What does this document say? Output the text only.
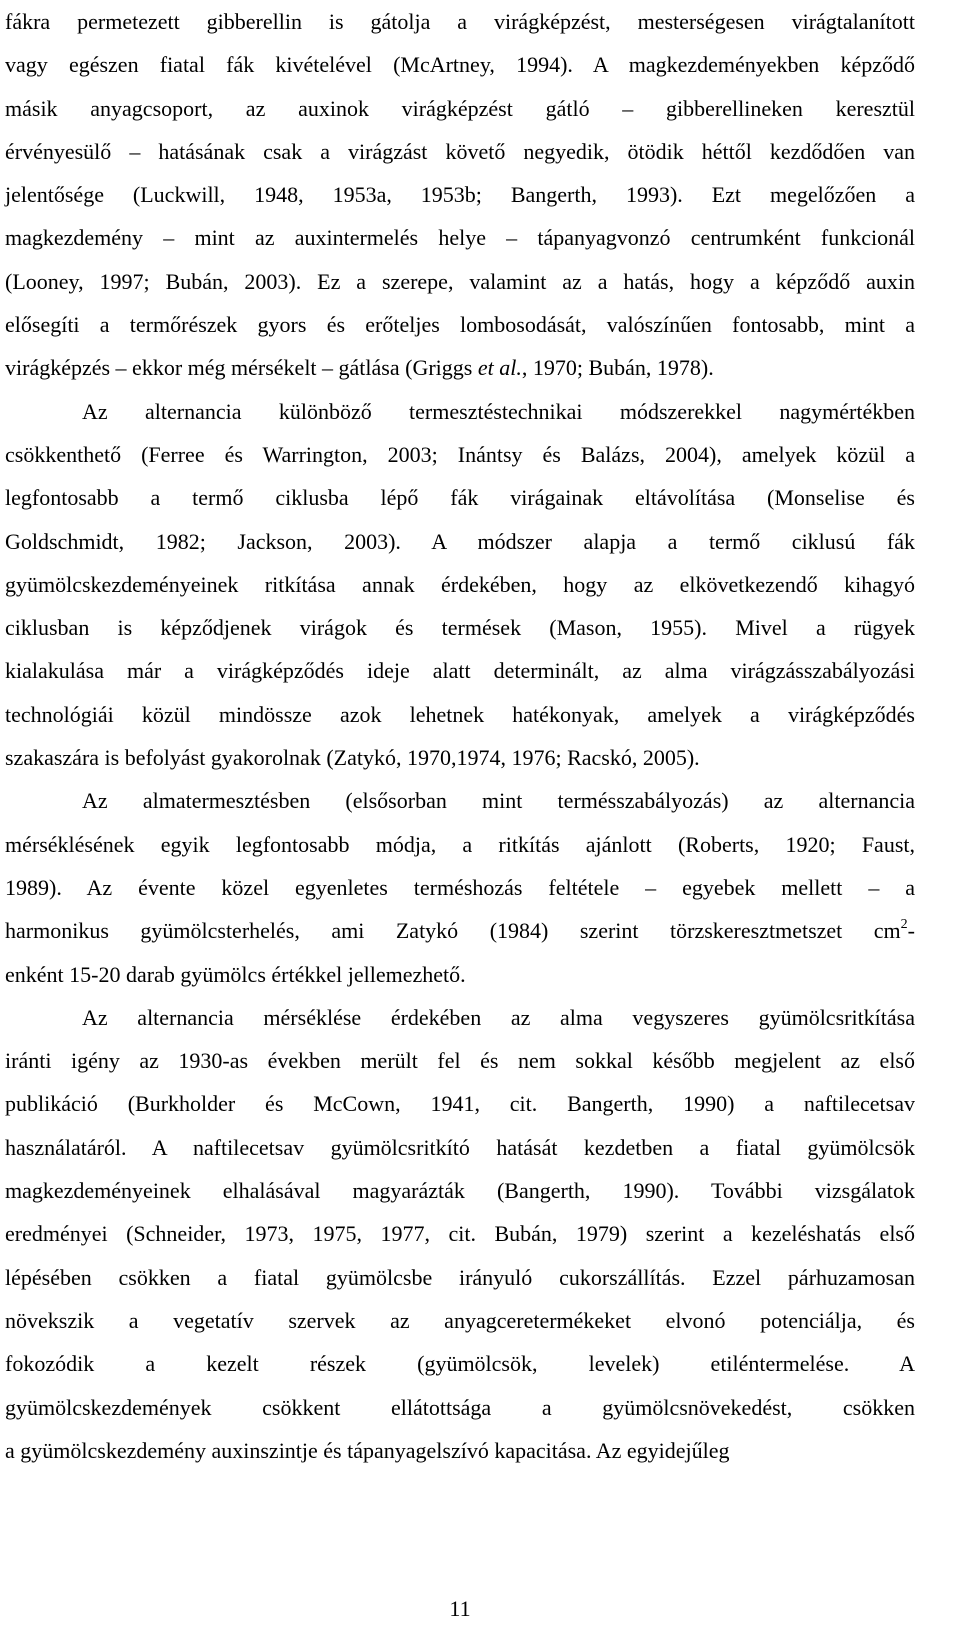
fákra permetezett gibberellin is gátolja a virágképzést, mesterségesen virágtalanított
vagy egészen fiatal fák kivételével (McArtney, 1994). A magkezdeményekben képződő
másik anyagcsoport, az auxinok virágképzést gátló – gibberellineken keresztül
érvényesülő – hatásának csak a virágzást követő negyedik, ötödik héttől kezdődően van
jelentősége (Luckwill, 1948, 1953a, 1953b; Bangerth, 1993). Ezt megelőzően a
magkezdemény – mint az auxintermelés helye – tápanyagvonzó centrumként funkcionál
(Looney, 1997; Bubán, 2003). Ez a szerepe, valamint az a hatás, hogy a képződő auxin
elősegíti a termőrészek gyors és erőteljes lombosodását, valószínűen fontosabb, mint a
virágképzés – ekkor még mérsékelt – gátlása (Griggs et al., 1970; Bubán, 1978).
Az alternancia különböző termesztéstechnikai módszerekkel nagymértékben
csökkenthető (Ferree és Warrington, 2003; Inántsy és Balázs, 2004), amelyek közül a
legfontosabb a termő ciklusba lépő fák virágainak eltávolítása (Monselise és
Goldschmidt, 1982; Jackson, 2003). A módszer alapja a termő ciklusú fák
gyümölcskezdeményeinek ritkítása annak érdekében, hogy az elkövetkezendő kihagyó
ciklusban is képződjenek virágok és termések (Mason, 1955). Mivel a rügyek
kialakulása már a virágképződés ideje alatt determinált, az alma virágzásszabályozási
technológiái közül mindössze azok lehetnek hatékonyak, amelyek a virágképződés
szakaszára is befolyást gyakorolnak (Zatykó, 1970,1974, 1976; Racskó, 2005).
Az almatermesztésben (elsősorban mint termésszabályozás) az alternancia
mérséklésének egyik legfontosabb módja, a ritkítás ajánlott (Roberts, 1920; Faust,
1989). Az évente közel egyenletes terméshozás feltétele – egyebek mellett – a
harmonikus gyümölcsterhelés, ami Zatykó (1984) szerint törzskeresztmetszet $cm^2-$
enként 15-20 darab gyümölcs értékkel jellemezhető.
Az alternancia mérséklése érdekében az alma vegyszeres gyümölcsritkítása
iránti igény az 1930-as években merült fel és nem sokkal később megjelent az első
publikáció (Burkholder és McCown, 1941, cit. Bangerth, 1990) a naftilecetsav
használatáról. A naftilecetsav gyümölcsritkító hatását kezdetben a fiatal gyümölcsök
magkezdeményeinek elhalásával magyarázták (Bangerth, 1990). További vizsgálatok
eredményei (Schneider, 1973, 1975, 1977, cit. Bubán, 1979) szerint a kezeléshatás első
lépésében csökken a fiatal gyümölcsbe irányuló cukorszállítás. Ezzel párhuzamosan
növekszik a vegetatív szervek az anyagceretermékeket elvonó potenciálja, és
fokozódik a kezelt részek (gyümölcsök, levelek) etiléntermelése. A
gyümölcskezdemények csökkent ellátottsága a gyümölcsnövekedést, csökken
a gyümölcskezdemény auxinszintje és tápanyagelszívó kapacitása. Az egyidejűleg
11
